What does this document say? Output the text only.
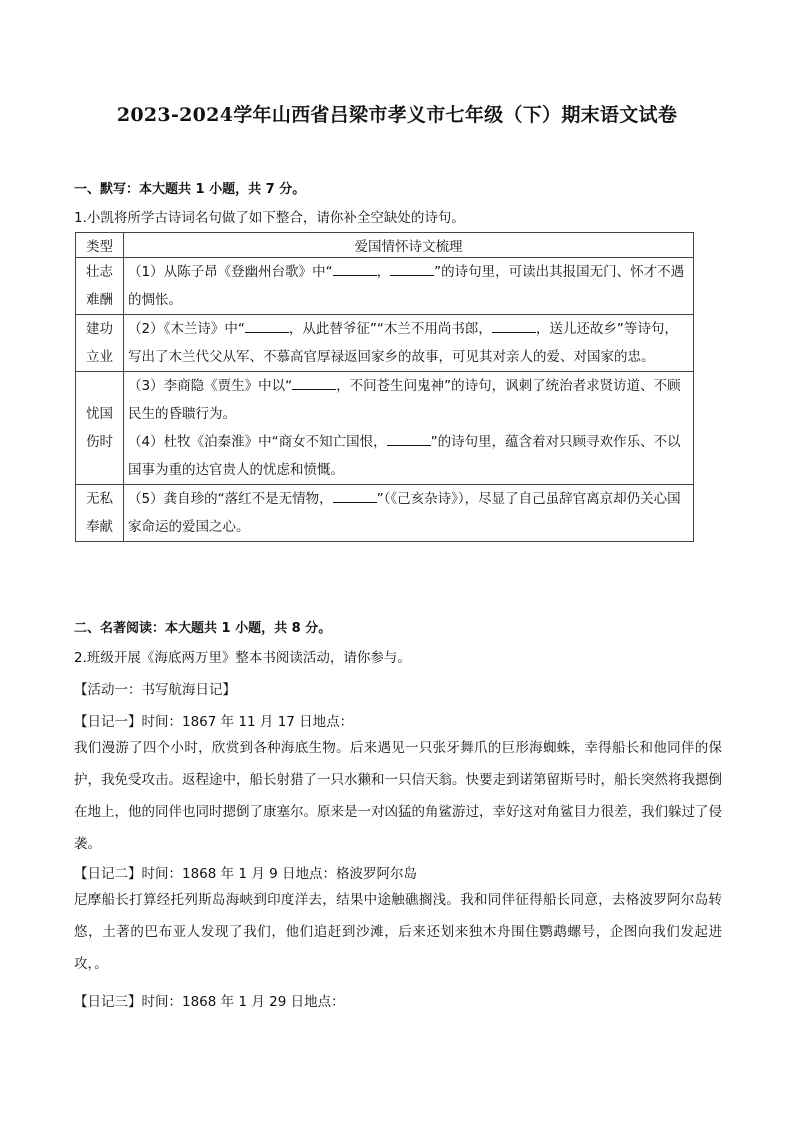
2023-2024学年山西省吕梁市孝义市七年级（下）期末语文试卷
一、默写：本大题共 1 小题，共 7 分。
1.小凯将所学古诗词名句做了如下整合，请你补全空缺处的诗句。
类型	爱国情怀诗文梳理
壮志难酬	（1）从陈子昂《登幽州台歌》中“ ， ”的诗句里，可读出其报国无门、怀才不遇的惆怅。
建功立业	（2）《木兰诗》中“ ，从此替爷征”“木兰不用尚书郎， ，送儿还故乡”等诗句，写出了木兰代父从军、不慕高官厚禄返回家乡的故事，可见其对亲人的爱、对国家的忠。
忧国伤时	（3）李商隐《贾生》中以“ ，不问苍生问鬼神”的诗句，讽刺了统治者求贤访道、不顾民生的昏聩行为。
（4）杜牧《泊秦淮》中“商女不知亡国恨， ”的诗句里，蕴含着对只顾寻欢作乐、不以国事为重的达官贵人的忧虑和愤慨。

无私奉献	（5）龚自珍的“落红不是无情物， ”（《己亥杂诗》），尽显了自己虽辞官离京却仍关心国家命运的爱国之心。
二、名著阅读：本大题共 1 小题，共 8 分。
2.班级开展《海底两万里》整本书阅读活动，请你参与。
【活动一：书写航海日记】
【日记一】时间：1867 年 11 月 17 日地点：
我们漫游了四个小时，欣赏到各种海底生物。后来遇见一只张牙舞爪的巨形海蜘蛛，幸得船长和他同伴的保护，我免受攻击。返程途中，船长射猎了一只水獭和一只信天翁。快要走到诺第留斯号时，船长突然将我摁倒在地上，他的同伴也同时摁倒了康塞尔。原来是一对凶猛的角鲨游过，幸好这对角鲨目力很差，我们躲过了侵袭。
【日记二】时间：1868 年 1 月 9 日地点：格波罗阿尔岛
尼摩船长打算经托列斯岛海峡到印度洋去，结果中途触礁搁浅。我和同伴征得船长同意，去格波罗阿尔岛转悠，土著的巴布亚人发现了我们，他们追赶到沙滩，后来还划来独木舟围住鹦鹉螺号，企图向我们发起进攻，。
【日记三】时间：1868 年 1 月 29 日地点：
